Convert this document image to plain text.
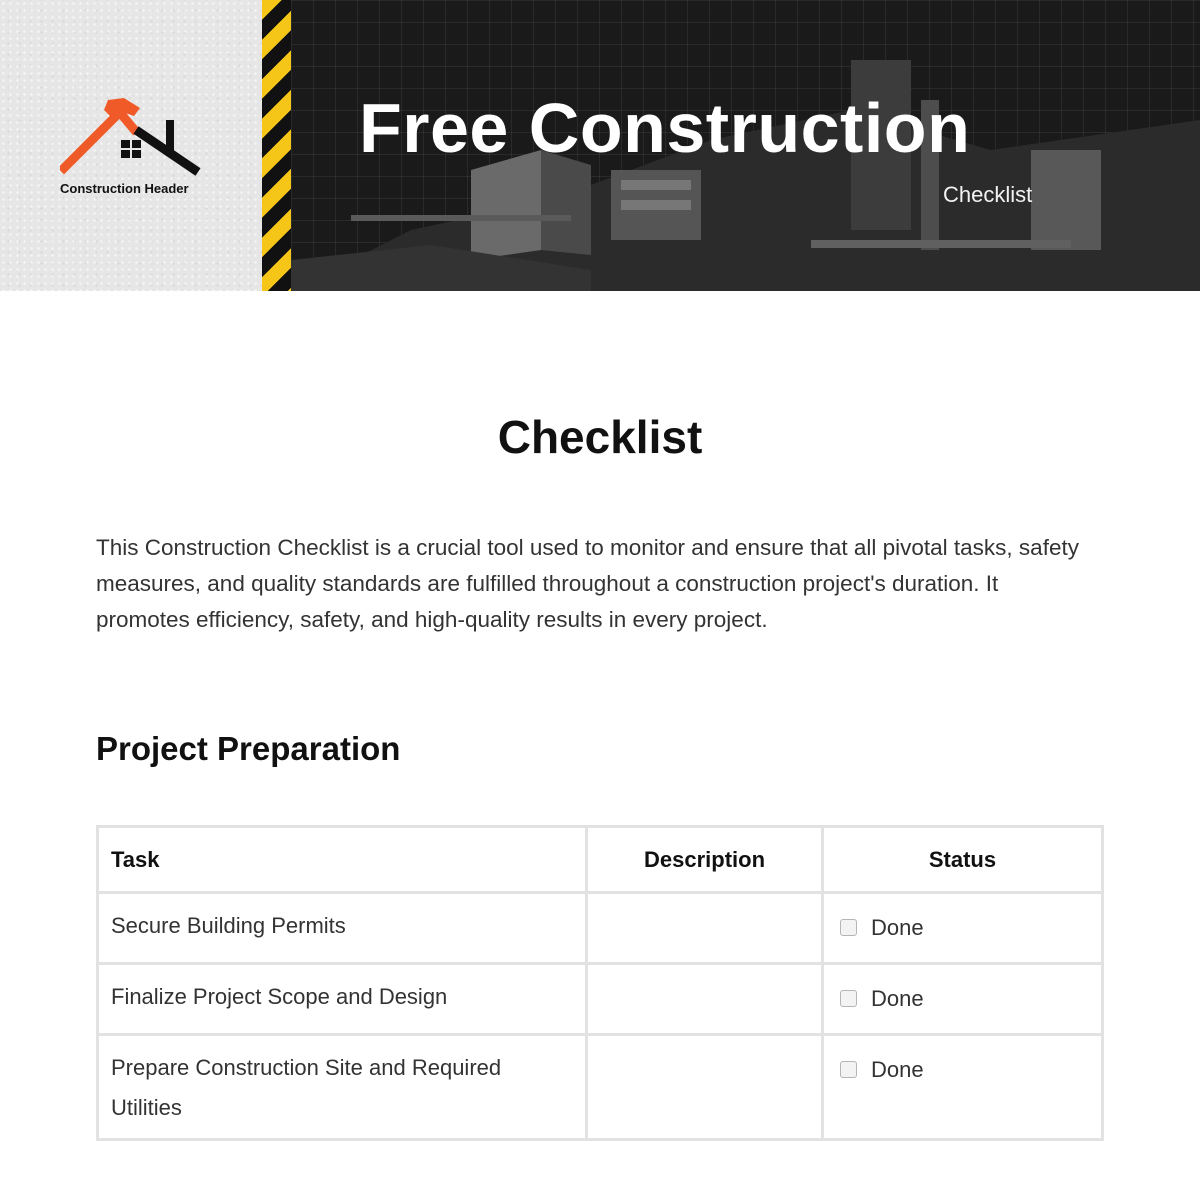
Construction Header
Free Construction
Checklist
Checklist

This Construction Checklist is a crucial tool used to monitor and ensure that all pivotal tasks, safety measures, and quality standards are fulfilled throughout a construction project's duration. It promotes efficiency, safety, and high-quality results in every project.

Project Preparation
Task	Description	Status
Secure Building Permits		Done
Finalize Project Scope and Design		Done
Prepare Construction Site and Required Utilities		Done
